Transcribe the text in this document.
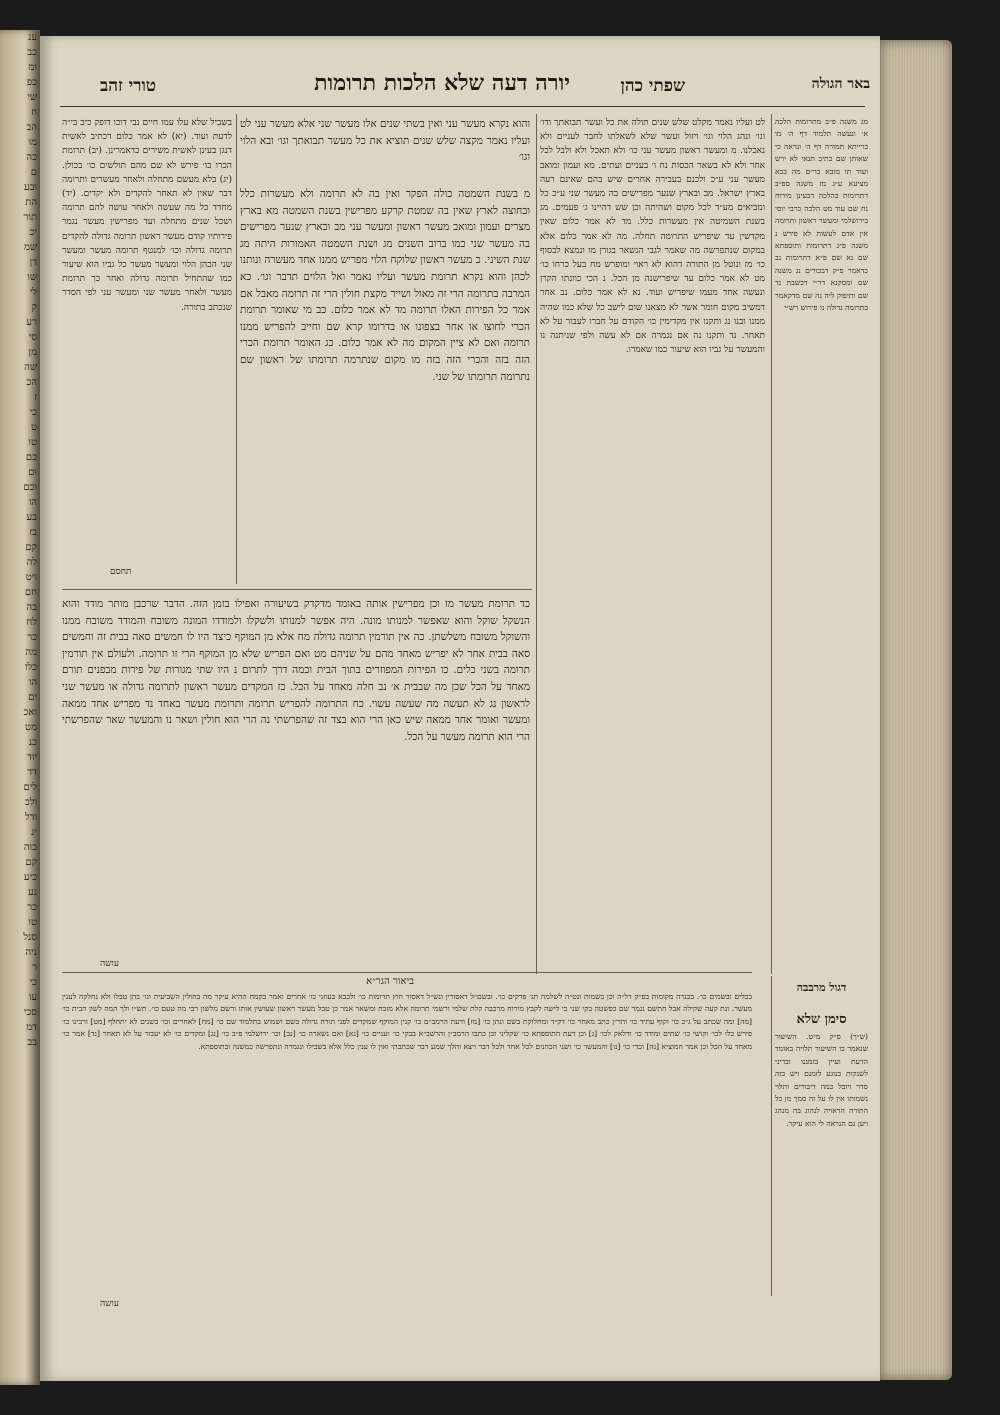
ענ
כב
ומ
כפ
שי
ח
הב
מו
כה
ם
ובע
הת
תור
יכ
שמ
דן
שו
לי
ק
רע
סי
מן
שה
הכ
ז
כי
ט
טו
כם
ום
וכם
הו
בע
בז
קם
לה
ויט
חם
בה
לח
כר
מה
כלו
הו
ים
ואכ
מט
כנ
יוד
דד
לים
ולכ
ודל
ינ
כוה
קם
כיע
נע
כר
טו
סנל
ניה
ר
כי
עו
סכי
דמ
בב
באר הגולה
שפתי כהן
יורה דעה שלא הלכות תרומות
טורי זהב

מג משנה פ״ב מתרומות הלכה א׳ ונעשה תלמוד דף ה׳ מו ברייתא תמורה דף ה׳ ונראה כי שאותן שם כתיב תנאי לא ירש ועוד תו מובא כר״ם מה בבא מציעא ע״ג מז משנה ספ״ב דתרומות בהלכה דבעינן מירוח נח שם עוד מט הלכה כרבי יוסי בירושלמי ומעשר ראשון ותרומה אין אדם לעשות לא פירש נ משנה פ״ג דתרומות ותוספתא שם נא שם פ״א דתרומות נב כדאמר פ״ק דבכורים נג משנה שם ומסקנא דר״י דבשבת נד שם ותיפוק ליה נה שם מדקאמר בתרומה גדולה נו פירוש רש״י

לט ועליו נאמר מקלט שלש שנים תולה את כל ועשר תבואתך ודו׳ וגו׳ ונהג הלוי וגו׳ ויזול ועשר שלא לשאלתו לחבר לעניים ולא נאכלנו. מ ומעשר ראשון מעשר עני כו׳ ולא תאכל ולא ולבל לכל אחר ולא לא בשאר הכסות נח ו׳ בעניים ועתים. מא ועמון ומואב מעשר עני ע״כ ולכנם בעבירה אחרים שיש בהם שאינם רעה בארץ ישראל. מב ובארץ שנער מפרישים בה מעשר שני ע״כ כל ומביאים מע״ד לכל מקום ושהיתה וכן שש דהיינו ג׳ פעמים. מג בשנת השמיטה אין מעשרות כלל. מד לא אמר כלום שאין מקדשין עד שיפריש התרומה תחלה. מה לא אמר כלום אלא במקום שנתפרשה מה שאמר לגבי הנשאר בגורן מו ונמצא לבסוף כו׳ מז ונוטל מן התורה דהוא לא ראוי ומופרש מח בעל כרחו כו׳ מט לא אמר כלום עד שיפרישנה מן הכל. נ הכי כוונתו הקרן ונעשה אחד מעמו שיפריש ועוד. נא לא אמר כלום. נב אחר דמשיב מקום חומר אשר לא מצאנו שום לישב כל שלא כמו שהיה ממנו ובנו נג ותקנו אין מקדימין כו׳ הקודם על חברו לעבור על לא תאחר. נד ותקנו נה אם נגמרה אם לא עשה ולפי שניתנה נו והמעשר על גביו הוא שיעור כמו שאמרו.

בשביל שלא עלו עמו חיים נבי דוכו דופק כיב בי״ה לדעת ועוד. (יא) לא אמר כלום דכתיב לאשית דנגן בעינן לאשית משירים כדאמרינן. (יב) תרומת הכרו כו׳ פירש לא שם מהם תולשים כו׳ בכולן. (יג) בלא מעשם מתחלה ולאחר מעשרים ותרומה דבר שאין לא תאחר להקדים ולא יקדים. (יד) מחדד כל מה שעשה ולאחר עושה להם תרומה ושכל שנים מתחלה ועד מפרישין מעשר נגמר פירותיו קודם מעשר ראשון תרומה גדולה להקדים תרומה גדולה וכו׳ למנטף תרומה מעשר ומעשר שני הכהן הלוי ומעשר מעשר כל גביו הוא שיעור כמו שהתחיל תרומה גדולה ואחר כך תרומת מעשר ולאחר מעשר שני ומעשר עני לפי הסדר שנכתב בתורה.

תחסם

והוא נקרא מעשר עני ואין בשתי שנים אלו מעשר שני אלא מעשר עני לט ועליו נאמר מקצה שלש שנים תוציא את כל מעשר תבואתך וגו׳ ובא הלוי וגו׳

מ בשנת השמטה כולה הפקר ואין בה לא תרומה ולא מעשרות כלל ובחוצה לארץ שאין בה שמטת קרקע מפרישין בשנת השמטה מא בארץ מצרים ועמון ומואב מעשר ראשון ומעשר עני מב ובארץ שנער מפרישים בה מעשר שני כמו ברוב השנים מג ושנת השמטה האמורות היתה מג שנת השיני. כ מעשר ראשון שלוקח הלוי מפריש ממנו אחד מעשרה ונותנו לכהן והוא נקרא תרומת מעשר ועליו נאמר ואל הלוים תדבר וגו׳. כא המרבה בתרומה הרי זה מאול ושייר מקצת חולין הרי זה תרומה מאבל אם אמר כל הפירות האלו תרומה מד לא אמר כלום. כב מי שאומר תרומת הכרי לחוצו או אחר בצפונו או בדרומו קרא שם וחייב להפריש ממנו תרומה ואם לא ציין המקום מה לא אמר כלום. כג האומר תרומת הכרי הזה בזה והכרי הזה בזה מו מקום שנתרמה תרומתו של ראשון שם נתרומה תרומתו של שני.

כד תרומת מעשר מז וכן מפרישין אותה באומד מדקדק בשיעורה ואפילו בזמן הזה. הדבר שרכבן מותר מודד והוא הנשקל שוקל והוא שאפשר למנותו מונה. היה אפשר למנותו ולשקלו ולמודדו המונה משובח והמודד משובח ממנו והשוקל משובח משלשתן. כה אין תורמין תרומה גדולה מח אלא מן המוקף כיצד היו לו חמשים סאה בבית זה וחמשים סאה בבית אחר לא יפריש מאחד מהם על שניהם מט ואם הפריש שלא מן המוקף הרי זו תרומה. ולעולם אין תורמין תרומה בשני כלים. כו הפירות המפוזרים בתוך הבית וכמה דרך לתרום נ היו שתי מגורות של פירות מבפנים תורם מאחד על הכל שכן מה שבבית א׳ נב חלה מאחד על הכל. כז המקדים מעשר ראשון לתרומה גדולה או מעשר שני לראשון נג לא תעשה מה שעשה עשוי. כח התרומה להפריש תרומה ותרומת מעשר באחד נד מפריש אחד ממאה ומעשר ואומר אחד ממאה שיש כאן הרי הוא בצד זה שהפרשתי נה הרי הוא חולין ושאר נו והמעשר שאר שהפרשתי הרי הוא תרומה מעשר על הכל.

עושה
ביאור הגר״א

בכלים ובשמים כו׳. בכנרה מקומות בפ״ק דל״ה וכן בשמות ונט״ה לשלמה תג׳ פרקים כו׳. ובשם״ל דאסורין ונש״ל דאסור חוץ תרומות כו׳ ולכבא בעוזני כו׳ אחרים ואמר בקמח ההיא עיקר מה בחולין השביעית וגו׳ בהן טבלו ולא נחלקה לענין מעשר. ונת קעה שקילה אבל חתשם נגמר שם כפשטה בקי שני כי לישה לקבץ מירוח מרכבה קלת שלמי ורשמי תרומה אלא מזבח ומשאר אמר כן טבל מעשר ראשון שעושין אותו ורשם מלשון רבי מה טעם כו׳. תש״ו ולך המה לשון הבית כו׳ [מה] ומה שכתב על ג״כ כו׳ וקוף עתיד כו׳ והר״ן כתב מאחר כו׳ דק״ד ומחלוקת בשם ונתן כו׳ [מז] ודעת הרמב״ם כו׳ קנין המוקף שמקדים לפני תורה גדולה בשם ושמוש בתלמוד שם כו׳ [מח] לאחרים וכו׳ בשנים לא יתחלף [מט] ורבינו כו׳ פירש כלו לכו׳ וקושי כו׳ שתים ומודד כו׳ ודלאק לכו׳ [נ] וכן דעת התוספתא כו׳ שקליני וכן כתבו הרמב״ן והרשב״א בבקי כו׳ ועניים כו׳ [נא] ואם נשארה כו׳ [נב] וכו׳ ירושלמי פ״ב כו׳ [נג] ומקדים כו׳ לא יעבור על לא תאחר [נד] אמר כו׳ מאחד על הכל וכן אמר המוציא [נה] וכדי כו׳ [נו] והמעשר כו׳ ושני הכהנים לכל אחד ולכל דבר ויצא והלך שמע דבר שכתבתי ואין לו ענין כלל אלא בשבילו ונגמרה ונתפרשה כמשנה ובתוספתא.

עושה
דגול מרבבה
סימן שלא
(ש״ך) ס״ק מ״ט. השיעור שנאמר בו השיעור תלויה באומד הדעת ועיין בזמננו ובדיני לשנקות בנוגע לזמנם ויש בזה סדר ויובל כמה דיבורים ותלוי נשמותו אין לו על זה סמך מן כל התורה הראויה לנהוג בה מנהג ויען גם הנראה לי הוא עיקר.
